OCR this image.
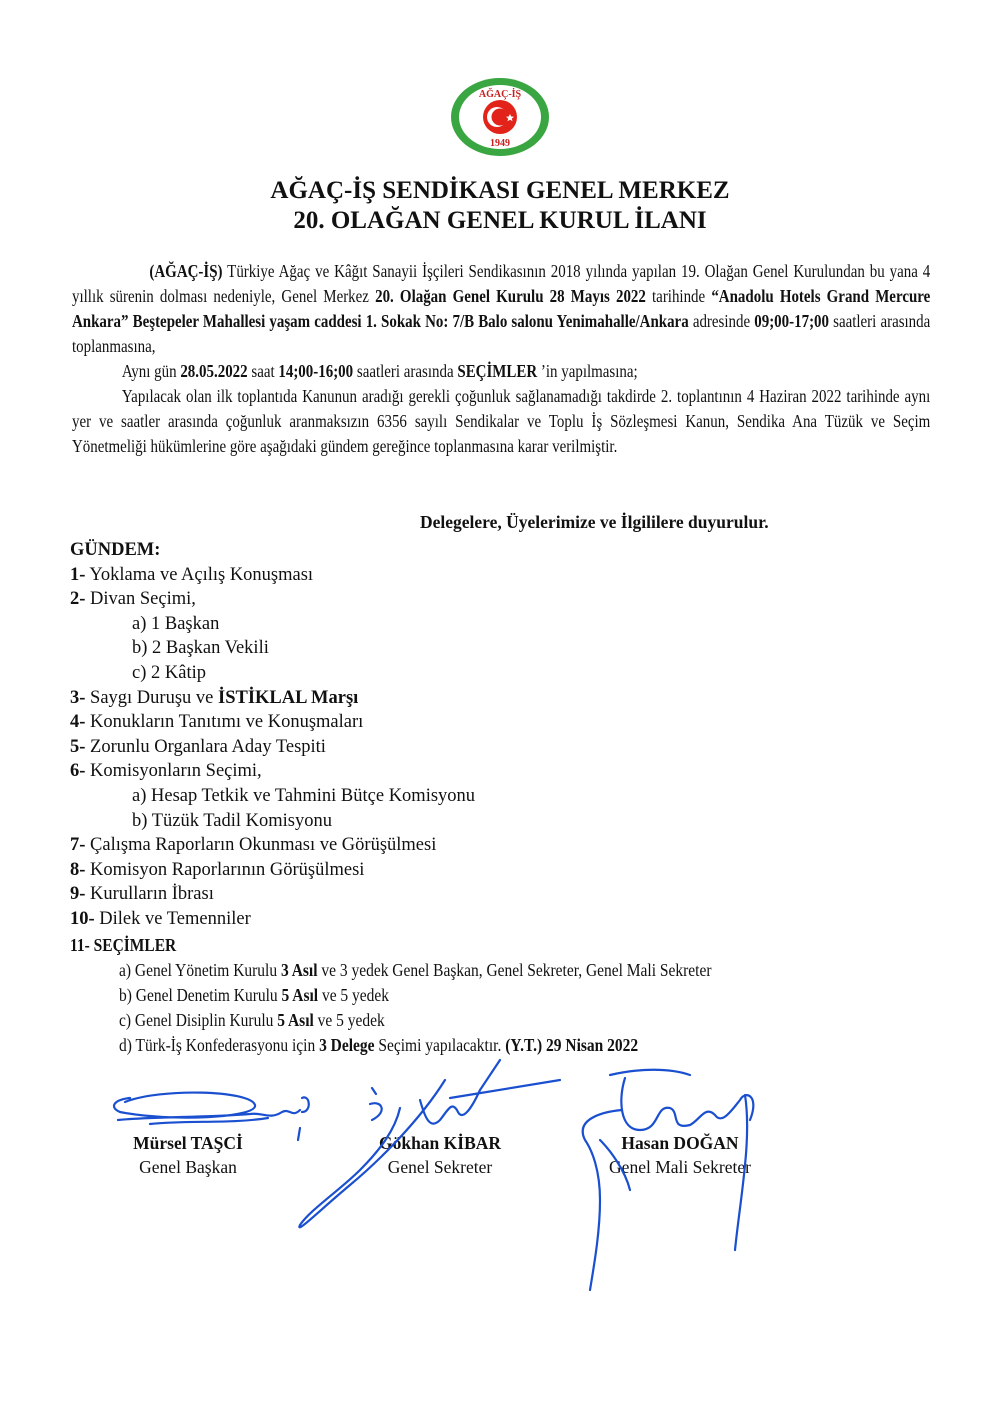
AĞAÇ-İŞ
1949
AĞAÇ-İŞ SENDİKASI GENEL MERKEZ
20. OLAĞAN GENEL KURUL İLANI

(AĞAÇ-İŞ) Türkiye Ağaç ve Kâğıt Sanayii İşçileri Sendikasının 2018 yılında yapılan 19. Olağan Genel Kurulundan bu yana 4 yıllık sürenin dolması nedeniyle, Genel Merkez 20. Olağan Genel Kurulu 28 Mayıs 2022 tarihinde “Anadolu Hotels Grand Mercure Ankara” Beştepeler Mahallesi yaşam caddesi 1. Sokak No: 7/B Balo salonu Yenimahalle/Ankara adresinde 09;00-17;00 saatleri arasında toplanmasına,

Aynı gün 28.05.2022 saat 14;00-16;00 saatleri arasında SEÇİMLER ’in yapılmasına;

Yapılacak olan ilk toplantıda Kanunun aradığı gerekli çoğunluk sağlanamadığı takdirde 2. toplantının 4 Haziran 2022 tarihinde aynı yer ve saatler arasında çoğunluk aranmaksızın 6356 sayılı Sendikalar ve Toplu İş Sözleşmesi Kanun, Sendika Ana Tüzük ve Seçim Yönetmeliği hükümlerine göre aşağıdaki gündem gereğince toplanmasına karar verilmiştir.

Delegelere, Üyelerimize ve İlgililere duyurulur.
GÜNDEM:
1- Yoklama ve Açılış Konuşması
2- Divan Seçimi,
a) 1 Başkan
b) 2 Başkan Vekili
c) 2 Kâtip
3- Saygı Duruşu ve İSTİKLAL Marşı
4- Konukların Tanıtımı ve Konuşmaları
5- Zorunlu Organlara Aday Tespiti
6- Komisyonların Seçimi,
a) Hesap Tetkik ve Tahmini Bütçe Komisyonu
b) Tüzük Tadil Komisyonu
7- Çalışma Raporların Okunması ve Görüşülmesi
8- Komisyon Raporlarının Görüşülmesi
9- Kurulların İbrası
10- Dilek ve Temenniler
11- SEÇİMLER
a) Genel Yönetim Kurulu 3 Asıl ve 3 yedek Genel Başkan, Genel Sekreter, Genel Mali Sekreter
b) Genel Denetim Kurulu 5 Asıl ve 5 yedek
c) Genel Disiplin Kurulu 5 Asıl ve 5 yedek
d) Türk-İş Konfederasyonu için 3 Delege Seçimi yapılacaktır. (Y.T.) 29 Nisan 2022
Mürsel TAŞCİ
Genel Başkan
Gökhan KİBAR
Genel Sekreter
Hasan DOĞAN
Genel Mali Sekreter
